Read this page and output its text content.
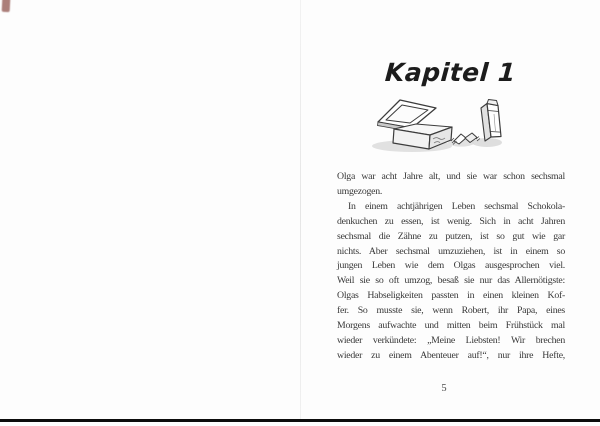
Kapitel 1
Olga war acht Jahre alt, und sie war schon sechsmal
umgezogen.
In einem achtjährigen Leben sechsmal Schokola-
denkuchen zu essen, ist wenig. Sich in acht Jahren
sechsmal die Zähne zu putzen, ist so gut wie gar
nichts. Aber sechsmal umzuziehen, ist in einem so
jungen Leben wie dem Olgas ausgesprochen viel.
Weil sie so oft umzog, besaß sie nur das Allernötigste:
Olgas Habseligkeiten passten in einen kleinen Kof-
fer. So musste sie, wenn Robert, ihr Papa, eines
Morgens aufwachte und mitten beim Frühstück mal
wieder verkündete: „Meine Liebsten! Wir brechen
wieder zu einem Abenteuer auf!“, nur ihre Hefte,
5
